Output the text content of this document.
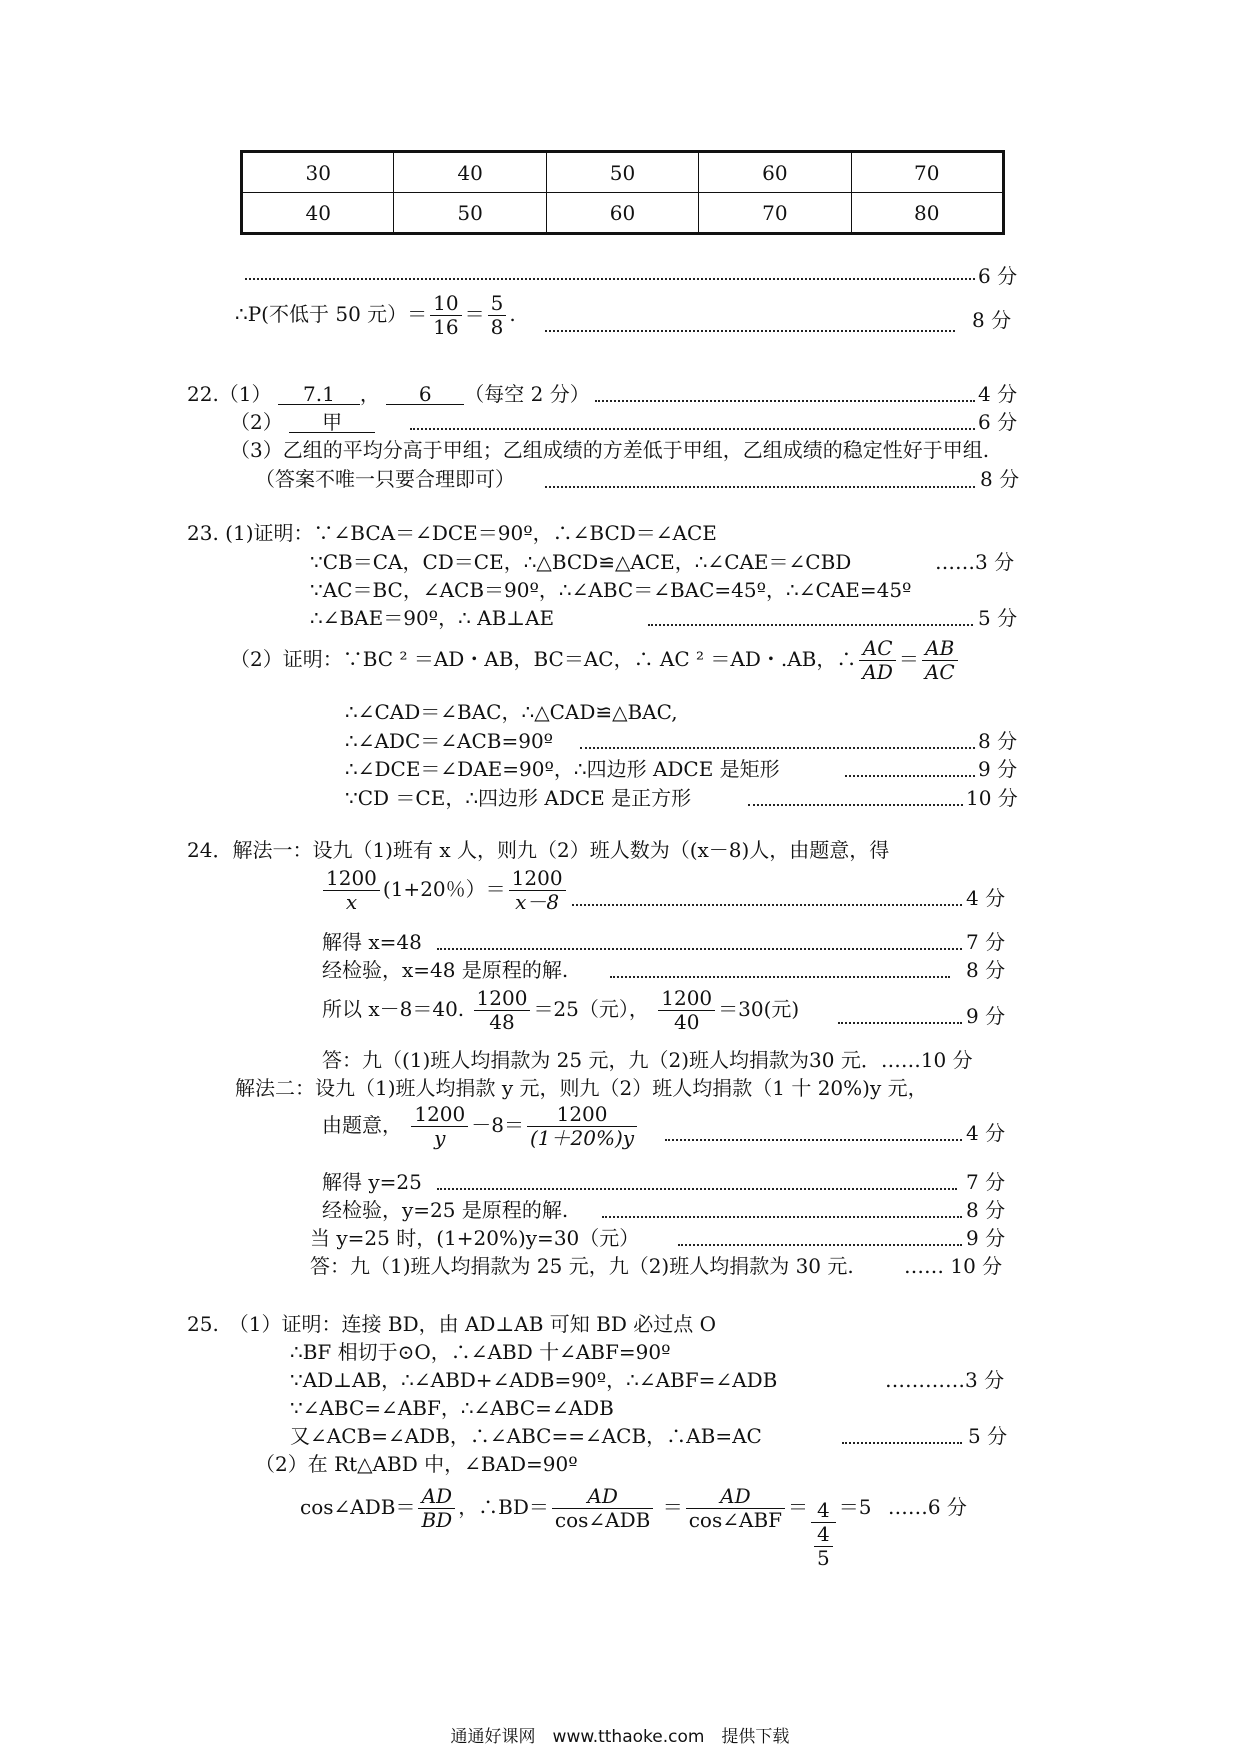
30	40	50	60	70
40	50	60	70	80
6 分
∴P(不低于 50 元）＝ $\frac{10}{16} = \frac{5}{8}$ .	8 分
22.（1） 7.1 ， 6 （每空 2 分）	4 分
（2） 甲	6 分
（3）乙组的平均分高于甲组；乙组成绩的方差低于甲组，乙组成绩的稳定性好于甲组.
（答案不唯一只要合理即可）	8 分
23. (1)证明：∵∠BCA＝∠DCE＝90º，∴∠BCD＝∠ACE
∵CB＝CA，CD＝CE，∴△BCD≌△ACE，∴∠CAE＝∠CBD	……3 分
∵AC＝BC，∠ACB＝90º，∴∠ABC＝∠BAC=45º，∴∠CAE=45º
∴∠BAE＝90º，∴ AB⊥AE	5 分
（2）证明：∵BC ² ＝AD・AB，BC＝AC，∴ AC ² ＝AD・.AB，∴ $\frac{AC}{AD} = \frac{AB}{AC}$
∴∠CAD＝∠BAC，∴△CAD≌△BAC,
∴∠ADC＝∠ACB=90º	8 分
∴∠DCE＝∠DAE=90º，∴四边形 ADCE 是矩形	9 分
∵CD ＝CE，∴四边形 ADCE 是正方形	10 分
24．解法一：设九（1)班有 x 人，则九（2）班人数为（(x－8)人，由题意，得
$\frac{1200}{x} (1+20$％）＝ $\frac{1200}{x-8}$	4 分
解得 x=48	7 分
经检验，x=48 是原程的解.	8 分
所以 x－8＝40. $\frac{1200}{48} =25$（元）， $\frac{1200}{40} =30$(元)	9 分
答：九（(1)班人均捐款为 25 元，九（2)班人均捐款为30 元．……10 分
解法二：设九（1)班人均捐款 y 元，则九（2）班人均捐款（1 十 20%)y 元，
由题意， $\frac{1200}{y} -8= \frac{1200}{(1+20\%)y}$	4 分
解得 y=25	7 分
经检验，y=25 是原程的解.	8 分
当 y=25 时，(1+20%)y=30（元）	9 分
答：九（1)班人均捐款为 25 元，九（2)班人均捐款为 30 元.	…… 10 分
25.　（1）证明：连接 BD，由 AD⊥AB 可知 BD 必过点 O
∴BF 相切于⊙O，∴∠ABD 十∠ABF=90º
∵AD⊥AB，∴∠ABD+∠ADB=90º，∴∠ABF=∠ADB	…………3 分
∵∠ABC=∠ABF，∴∠ABC=∠ADB
又∠ACB=∠ADB，∴∠ABC==∠ACB，∴AB=AC	5 分
（2）在 Rt△ABD 中，∠BAD=90º
cos∠ADB＝ $\frac{AD}{BD}$ ，∴BD＝ $\frac{AD}{\text{cos∠ADB}} = \frac{AD}{\text{cos∠ABF}} = \frac{4}{\frac{4}{5}} =5$ ……6 分
通通好课网　www.tthaoke.com　提供下载
